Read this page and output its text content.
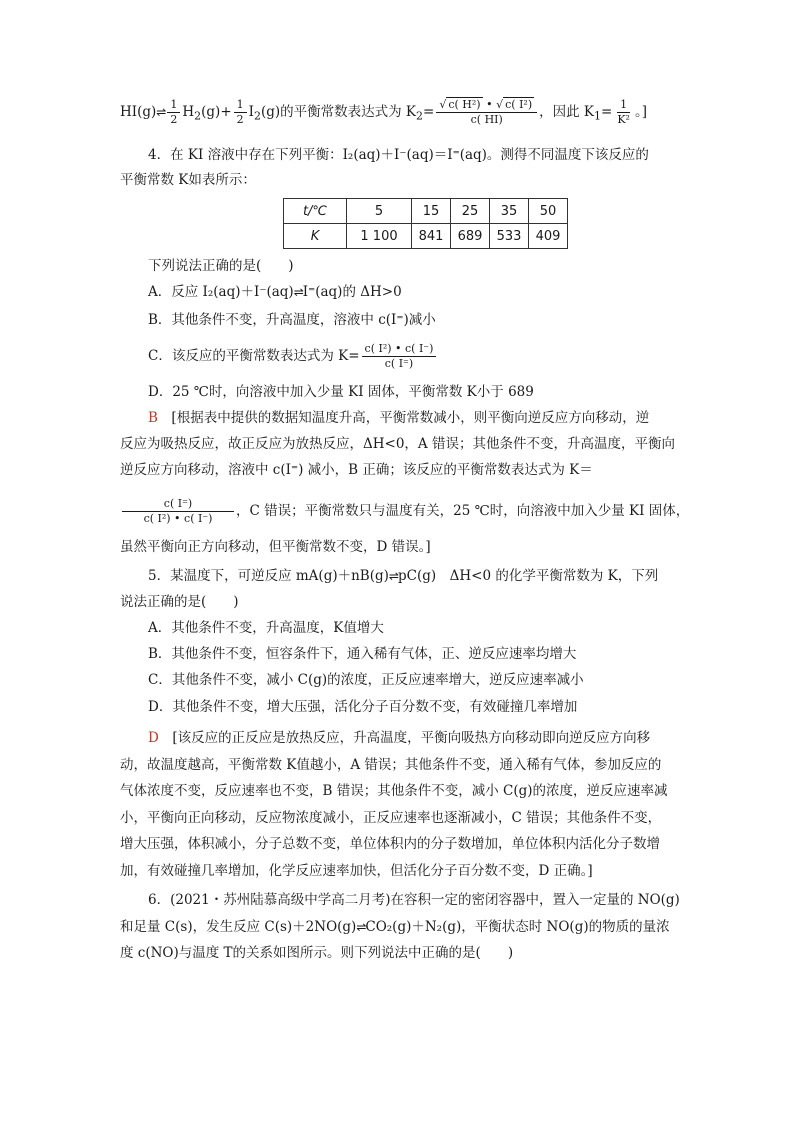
HI(g)⇌ $\frac{1}{2} H_2(g)+ \frac{1}{2} I_2(g)$的平衡常数表达式为 $K_2= \frac{\text{√ c( H²) • √ c( I²)}}{c( HI)}$ ，因此 $K_1= \frac{1}{\text{K²}}$ 。]
4．在 KI 溶液中存在下列平衡：I₂(aq)＋I⁻(aq)＝I⁼(aq)。测得不同温度下该反应的
平衡常数 K如表所示：
t/℃	5	15	25	35	50
K	1 100	841	689	533	409
下列说法正确的是(　　)
A．反应 I₂(aq)＋I⁻(aq)⇌I⁼(aq)的 ΔH>0
B．其他条件不变，升高温度，溶液中 c(I⁼)减小
C．该反应的平衡常数表达式为 $K= \frac{\text{c( I²) • c( I⁻)}}{c( I^=)}$
D．25 ℃时，向溶液中加入少量 KI 固体，平衡常数 K小于 689
B　 [根据表中提供的数据知温度升高，平衡常数减小，则平衡向逆反应方向移动，逆
反应为吸热反应，故正反应为放热反应，ΔH<0，A 错误；其他条件不变，升高温度，平衡向
逆反应方向移动，溶液中 c(I⁼) 减小，B 正确；该反应的平衡常数表达式为 K＝
$\frac{c( I^=)}{\text{c( I²) • c( I⁻)}}$ ，C 错误；平衡常数只与温度有关，25 ℃时，向溶液中加入少量 KI 固体，
虽然平衡向正方向移动，但平衡常数不变，D 错误。]
5．某温度下，可逆反应 mA(g)＋nB(g)⇌pC(g)　ΔH<0 的化学平衡常数为 K，下列
说法正确的是(　　)
A．其他条件不变，升高温度，K值增大
B．其他条件不变，恒容条件下，通入稀有气体，正、逆反应速率均增大
C．其他条件不变，减小 C(g)的浓度，正反应速率增大，逆反应速率减小
D．其他条件不变，增大压强，活化分子百分数不变，有效碰撞几率增加
D　 [该反应的正反应是放热反应，升高温度，平衡向吸热方向移动即向逆反应方向移
动，故温度越高，平衡常数 K值越小，A 错误；其他条件不变，通入稀有气体，参加反应的
气体浓度不变，反应速率也不变，B 错误；其他条件不变，减小 C(g)的浓度，逆反应速率减
小，平衡向正向移动，反应物浓度减小，正反应速率也逐渐减小，C 错误；其他条件不变，
增大压强，体积减小，分子总数不变，单位体积内的分子数增加，单位体积内活化分子数增
加，有效碰撞几率增加，化学反应速率加快，但活化分子百分数不变，D 正确。]
6．(2021・苏州陆慕高级中学高二月考)在容积一定的密闭容器中，置入一定量的 NO(g)
和足量 C(s)，发生反应 C(s)＋2NO(g)⇌CO₂(g)＋N₂(g)，平衡状态时 NO(g)的物质的量浓
度 c(NO)与温度 T的关系如图所示。则下列说法中正确的是(　　)
